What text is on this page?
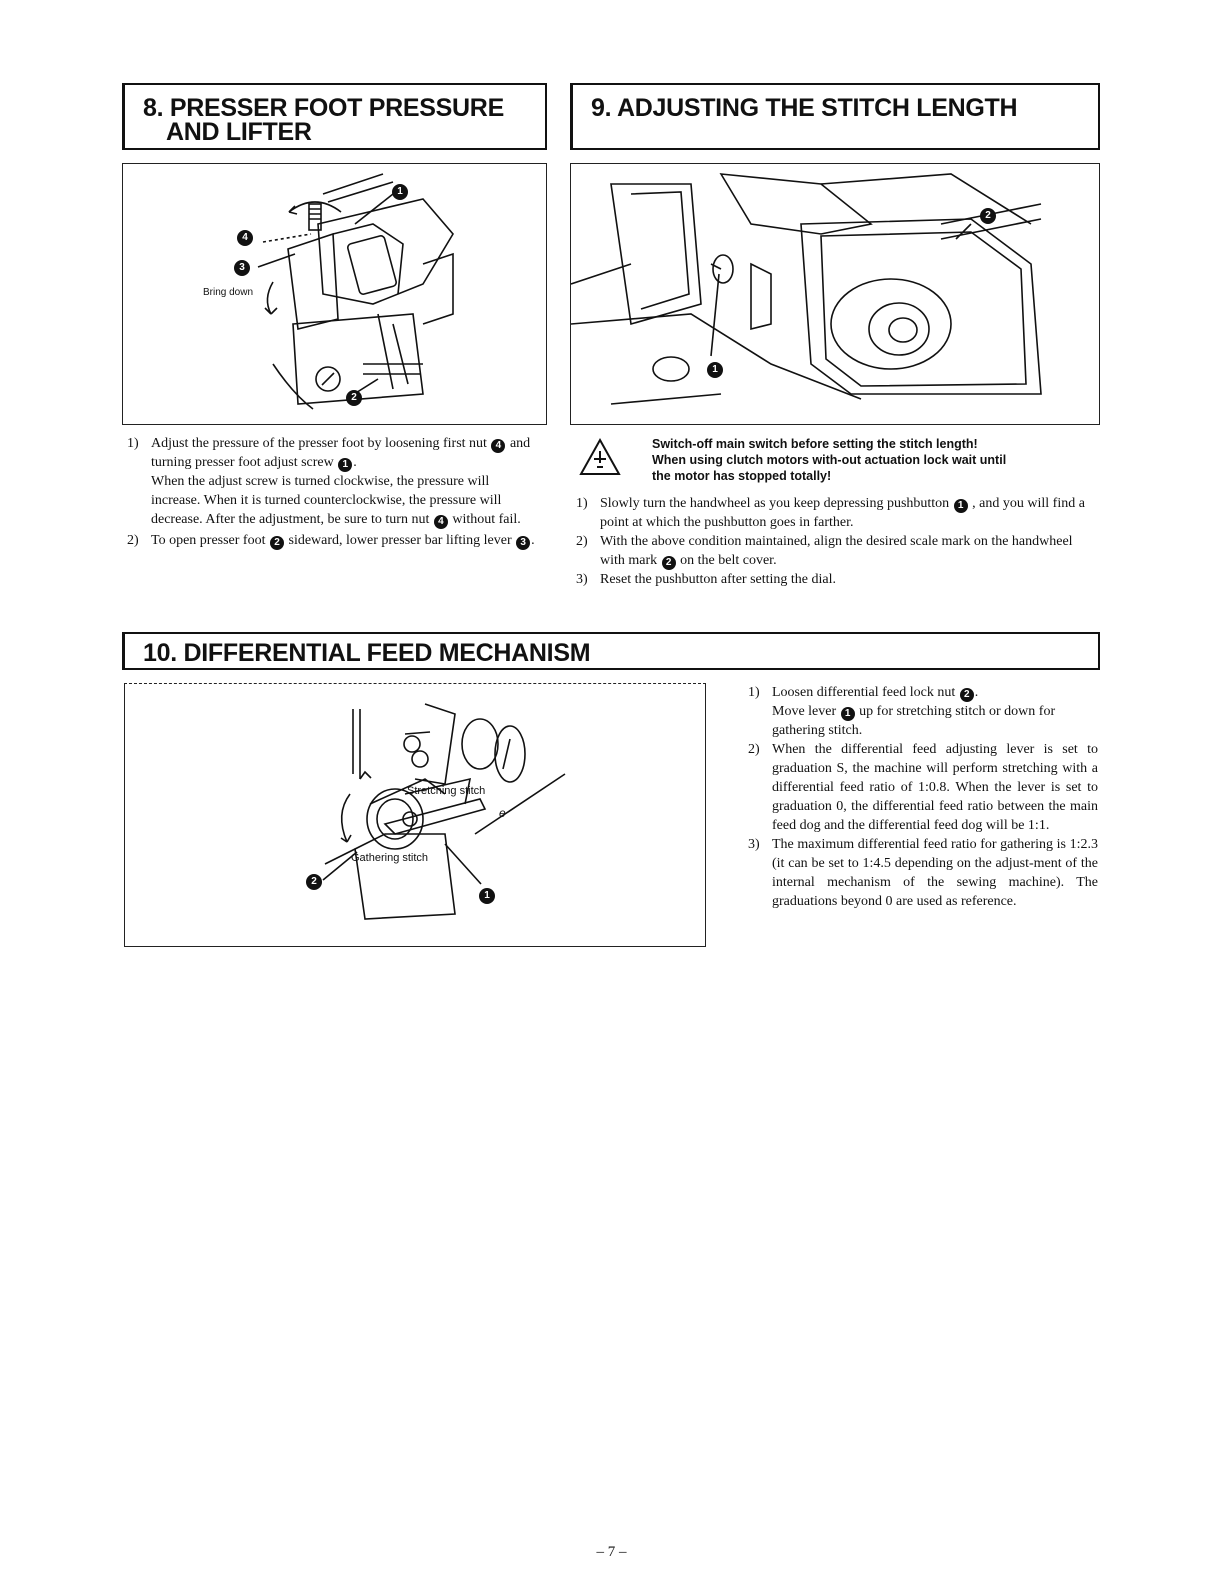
8. PRESSER FOOT PRESSURE
AND LIFTER
9. ADJUSTING THE STITCH LENGTH
Bring down
1
4
3
2
2
1

1) Adjust the pressure of the presser foot by loosening first nut 4 and turning presser foot adjust screw 1 .
When the adjust screw is turned clockwise, the pressure will increase. When it is turned counterclockwise, the pressure will decrease. After the adjustment, be sure to turn nut 4 without fail.

2) To open presser foot 2 sideward, lower presser bar lifting lever 3 .

Switch-off main switch before setting the stitch length!
When using clutch motors with-out actuation lock wait until
the motor has stopped totally!

1) Slowly turn the handwheel as you keep depressing pushbutton 1 , and you will find a point at which the pushbutton goes in farther.

2) With the above condition maintained, align the desired scale mark on the handwheel with mark 2 on the belt cover.

3) Reset the pushbutton after setting the dial.

10. DIFFERENTIAL FEED MECHANISM
Stretching stitch
Gathering stitch
e
2
1

1) Loosen differential feed lock nut 2 .
Move lever 1 up for stretching stitch or down for gathering stitch.

2) When the differential feed adjusting lever is set to graduation S, the machine will perform stretching with a differential feed ratio of 1:0.8. When the lever is set to graduation 0, the differential feed ratio between the main feed dog and the differential feed dog will be 1:1.

3) The maximum differential feed ratio for gathering is 1:2.3 (it can be set to 1:4.5 depending on the adjust-ment of the internal mechanism of the sewing machine). The graduations beyond 0 are used as reference.

– 7 –
